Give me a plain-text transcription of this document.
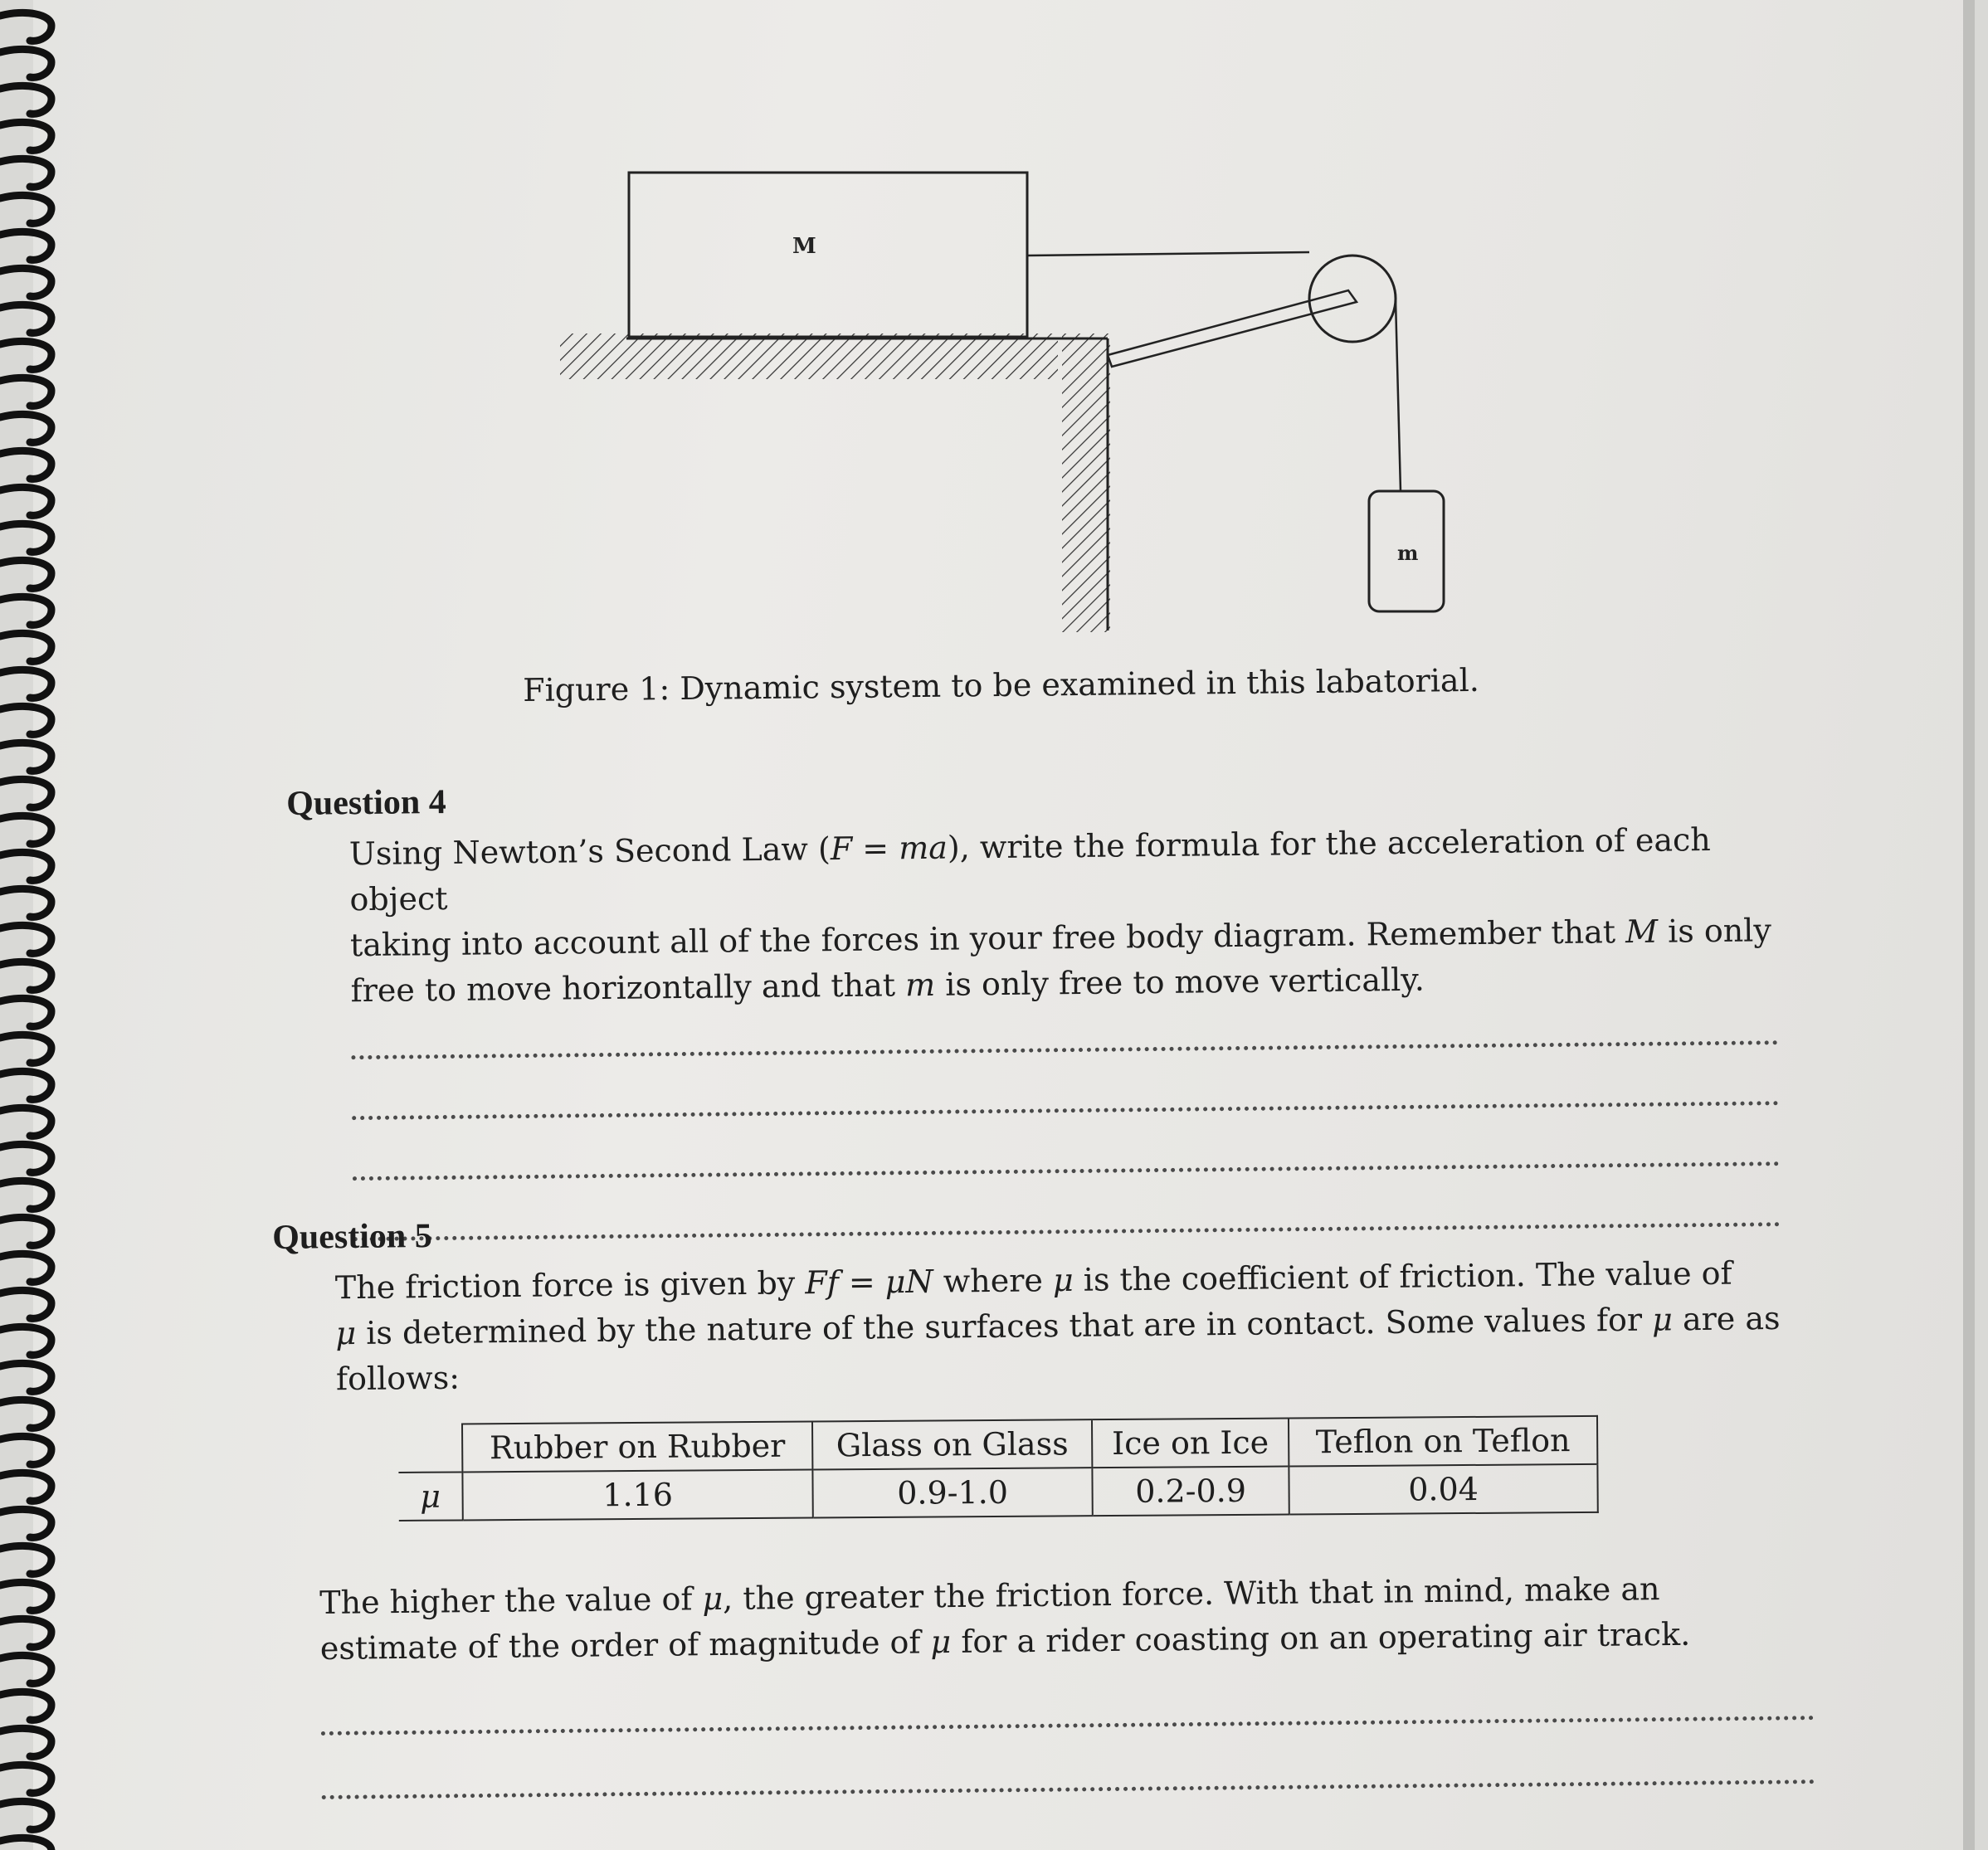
M
m
Figure 1: Dynamic system to be examined in this labatorial.
Question 4

Using Newton’s Second Law (F = ma), write the formula for the acceleration of each object
taking into account all of the forces in your free body diagram. Remember that M is only
free to move horizontally and that m is only free to move vertically.

Question 5

The friction force is given by Ff = μN where μ is the coefficient of friction. The value of
μ is determined by the nature of the surfaces that are in contact. Some values for μ are as
follows:

	Rubber on Rubber	Glass on Glass	Ice on Ice	Teflon on Teflon
μ	1.16	0.9-1.0	0.2-0.9	0.04

The higher the value of μ, the greater the friction force. With that in mind, make an
estimate of the order of magnitude of μ for a rider coasting on an operating air track.
